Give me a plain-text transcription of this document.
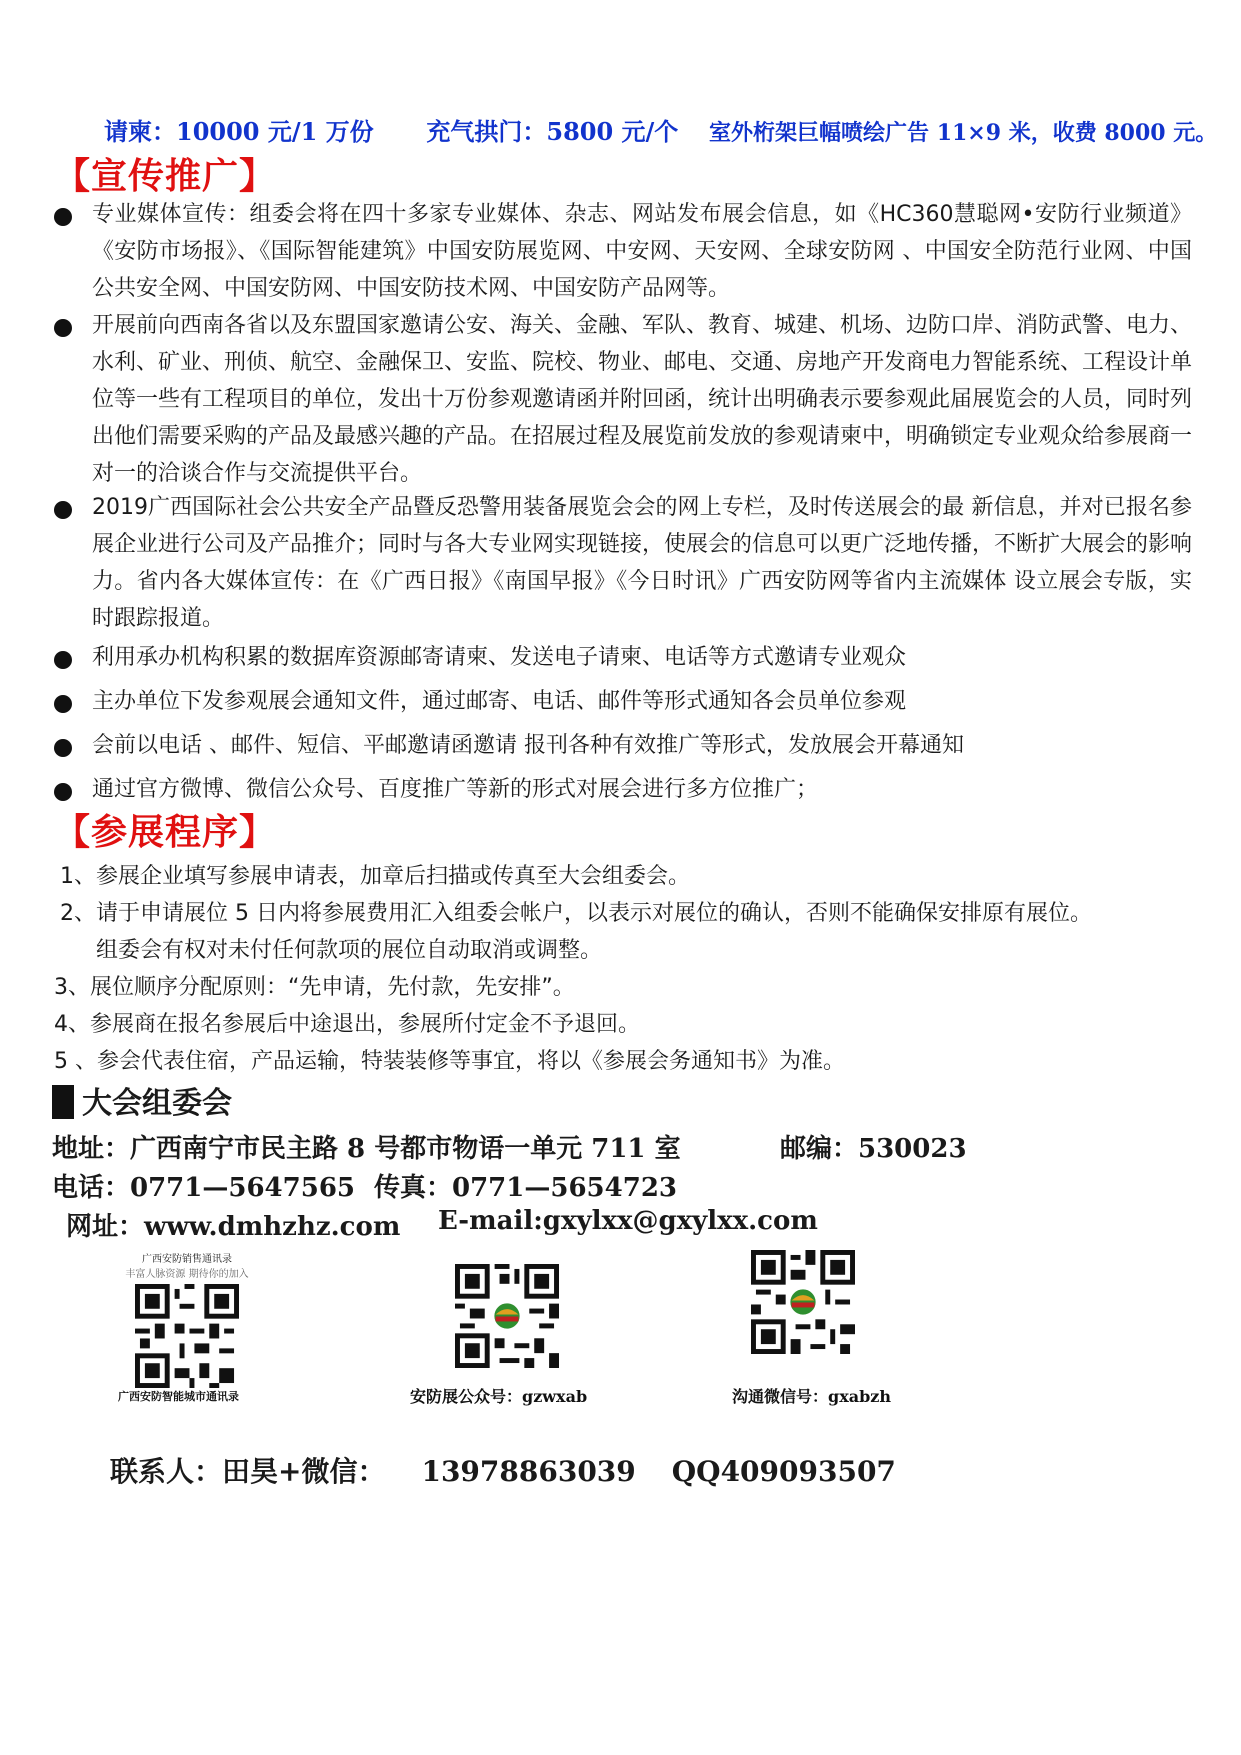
请柬：10000 元/1 万份 充气拱门：5800 元/个 室外桁架巨幅喷绘广告 11×9 米，收费 8000 元。
【宣传推广】
专业媒体宣传：组委会将在四十多家专业媒体、杂志、网站发布展会信息，如《HC360慧聪网•安防行业频道》《安防市场报》、《国际智能建筑》中国安防展览网、中安网、天安网、全球安防网 、中国安全防范行业网、中国公共安全网、中国安防网、中国安防技术网、中国安防产品网等。
开展前向西南各省以及东盟国家邀请公安、海关、金融、军队、教育、城建、机场、边防口岸、消防武警、电力、水利、矿业、刑侦、航空、金融保卫、安监、院校、物业、邮电、交通、房地产开发商电力智能系统、工程设计单位等一些有工程项目的单位，发出十万份参观邀请函并附回函，统计出明确表示要参观此届展览会的人员，同时列出他们需要采购的产品及最感兴趣的产品。在招展过程及展览前发放的参观请柬中，明确锁定专业观众给参展商一对一的洽谈合作与交流提供平台。
2019广西国际社会公共安全产品暨反恐警用装备展览会会的网上专栏，及时传送展会的最 新信息，并对已报名参展企业进行公司及产品推介；同时与各大专业网实现链接，使展会的信息可以更广泛地传播，不断扩大展会的影响力。省内各大媒体宣传：在《广西日报》《南国早报》《今日时讯》广西安防网等省内主流媒体 设立展会专版，实时跟踪报道。
利用承办机构积累的数据库资源邮寄请柬、发送电子请柬、电话等方式邀请专业观众
主办单位下发参观展会通知文件，通过邮寄、电话、邮件等形式通知各会员单位参观
会前以电话 、邮件、短信、平邮邀请函邀请 报刊各种有效推广等形式，发放展会开幕通知
通过官方微博、微信公众号、百度推广等新的形式对展会进行多方位推广；
【参展程序】
1、参展企业填写参展申请表，加章后扫描或传真至大会组委会。
2、请于申请展位 5 日内将参展费用汇入组委会帐户，以表示对展位的确认，否则不能确保安排原有展位。
组委会有权对未付任何款项的展位自动取消或调整。
3、展位顺序分配原则：“先申请，先付款，先安排”。
4、参展商在报名参展后中途退出，参展所付定金不予退回。
5 、参会代表住宿，产品运输，特装装修等事宜，将以《参展会务通知书》为准。
大会组委会
地址：广西南宁市民主路 8 号都市物语一单元 711 室	邮编：530023
电话：0771—5647565 传真：0771—5654723
网址：www.dmhzhz.com E-mail:gxylxx@gxylxx.com
广西安防销售通讯录
丰富人脉资源 期待你的加入
广西安防智能城市通讯录	安防展公众号：gzwxab	沟通微信号：gxabzh
联系人：田昊+微信： 13978863039 QQ409093507
